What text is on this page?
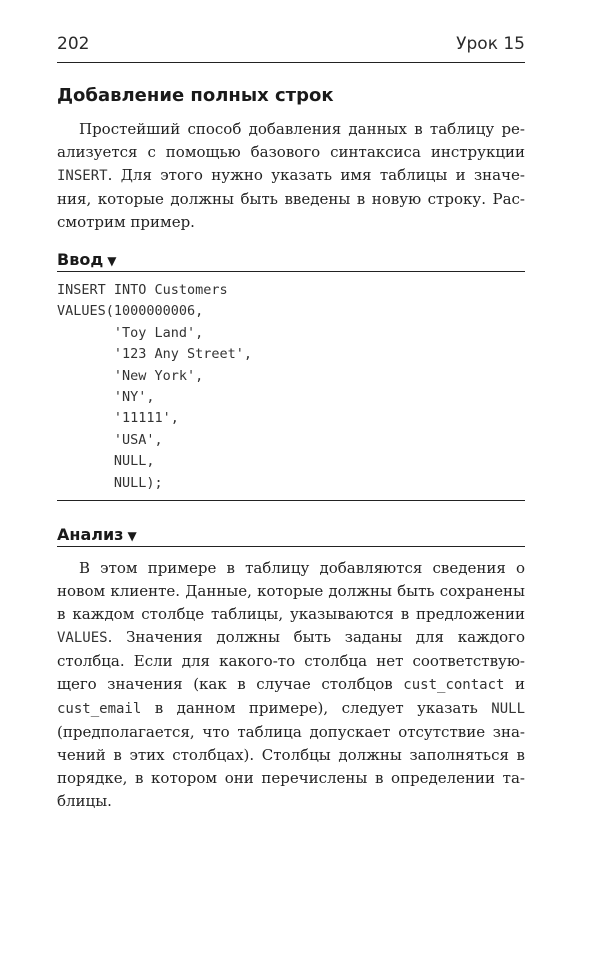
202	Урок 15
Добавление полных строк

Простейший способ добавления данных в таблицу реализуется с помощью базового синтаксиса инструкции INSERT. Для этого нужно указать имя таблицы и значения, которые должны быть введены в новую строку. Рассмотрим пример.

Ввод ▼
INSERT INTO Customers
VALUES(1000000006,
'Toy Land',
'123 Any Street',
'New York',
'NY',
'11111',
'USA',
NULL,
NULL);
Анализ ▼

В этом примере в таблицу добавляются сведения о новом клиенте. Данные, которые должны быть сохранены в каждом столбце таблицы, указываются в предложении VALUES. Значения должны быть заданы для каждого столбца. Если для какого-то столбца нет соответствующего значения (как в случае столбцов cust_contact и cust_email в данном примере), следует указать NULL (предполагается, что таблица допускает отсутствие значений в этих столбцах). Столбцы должны заполняться в порядке, в котором они перечислены в определении таблицы.
